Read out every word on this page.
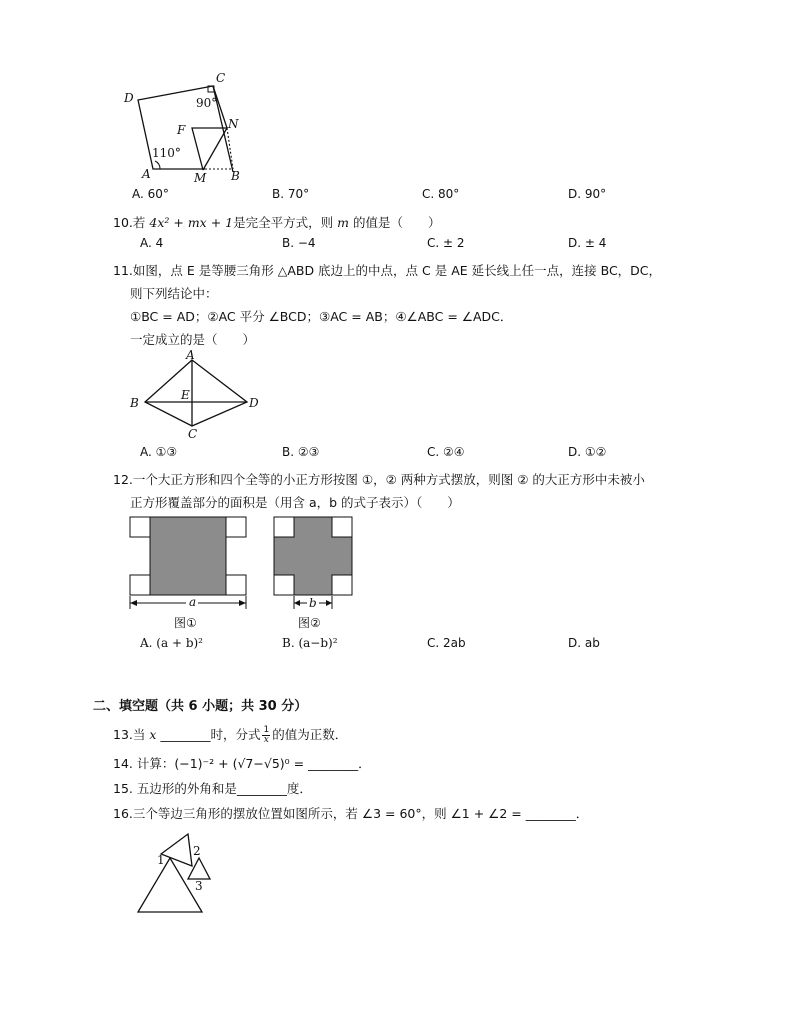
C
D
F	N
A	M B
90°
110°
A. 60°	B. 70°	C. 80°	D. 90°
10.若 4x² + mx + 1是完全平方式，则 m 的值是（　　）
A. 4	B. −4	C. ± 2	D. ± 4
11.如图，点 E 是等腰三角形 △ABD 底边上的中点，点 C 是 AE 延长线上任一点，连接 BC，DC，
则下列结论中：
①BC = AD；②AC 平分 ∠BCD；③AC = AB；④∠ABC = ∠ADC．
一定成立的是（　　）
A
B
E
D
C
A. ①③	B. ②③	C. ②④	D. ①②
12.一个大正方形和四个全等的小正方形按图 ①，② 两种方式摆放，则图 ② 的大正方形中未被小
正方形覆盖部分的面积是（用含 a，b 的式子表示）（　　）
a
图①
b
图②
A. (a + b)²	B. (a−b)²	C. 2ab	D. ab
二、填空题（共 6 小题；共 30 分）
13.当 x ________时，分式 $\frac{1}{x}$ 的值为正数．
14. 计算：(−1)⁻² + (√7−√5)⁰ = ________．
15. 五边形的外角和是________度．
16.三个等边三角形的摆放位置如图所示，若 ∠3 = 60°，则 ∠1 + ∠2 = ________．
1
2
3
